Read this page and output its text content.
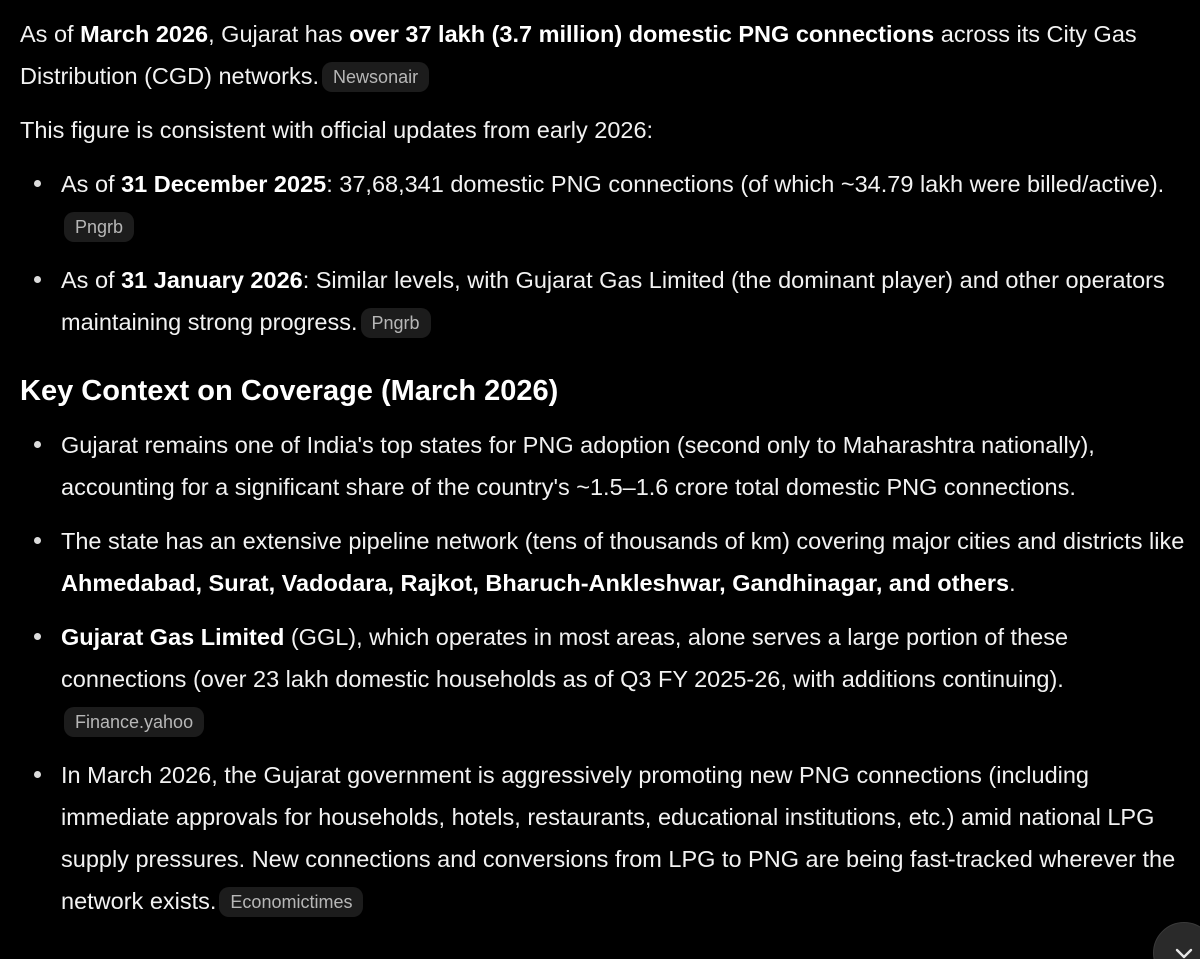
As of March 2026, Gujarat has over 37 lakh (3.7 million) domestic PNG connections across its City Gas Distribution (CGD) networks. Newsonair

This figure is consistent with official updates from early 2026:

As of 31 December 2025: 37,68,341 domestic PNG connections (of which ~34.79 lakh were billed/active).Pngrb
As of 31 January 2026: Similar levels, with Gujarat Gas Limited (the dominant player) and other operators maintaining strong progress. Pngrb
Key Context on Coverage (March 2026)
Gujarat remains one of India's top states for PNG adoption (second only to Maharashtra nationally), accounting for a significant share of the country's ~1.5–1.6 crore total domestic PNG connections.
The state has an extensive pipeline network (tens of thousands of km) covering major cities and districts like Ahmedabad, Surat, Vadodara, Rajkot, Bharuch-Ankleshwar, Gandhinagar, and others.
Gujarat Gas Limited (GGL), which operates in most areas, alone serves a large portion of these connections (over 23 lakh domestic households as of Q3 FY 2025-26, with additions continuing).Finance.yahoo
In March 2026, the Gujarat government is aggressively promoting new PNG connections (including immediate approvals for households, hotels, restaurants, educational institutions, etc.) amid national LPG supply pressures. New connections and conversions from LPG to PNG are being fast-tracked wherever the network exists. Economictimes
